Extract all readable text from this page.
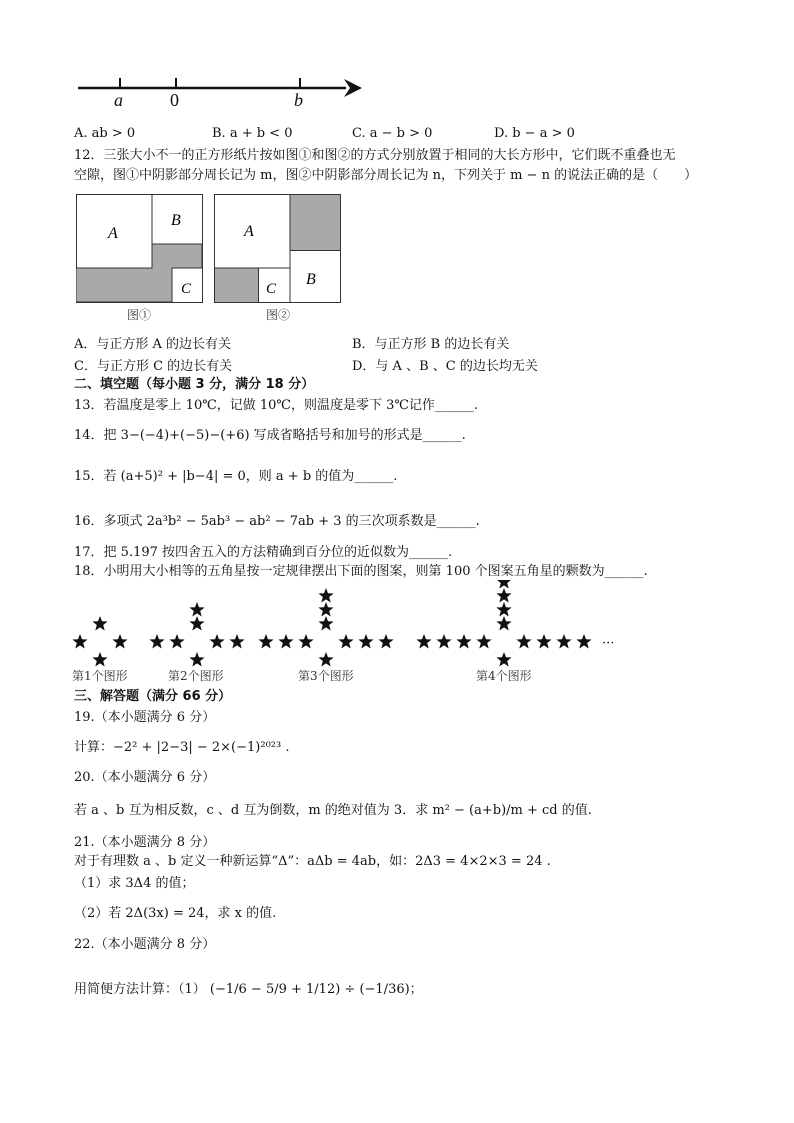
a	0	b
A. ab > 0	B. a + b < 0	C. a − b > 0	D. b − a > 0
12．三张大小不一的正方形纸片按如图①和图②的方式分别放置于相同的大长方形中，它们既不重叠也无
空隙，图①中阴影部分周长记为 m，图②中阴影部分周长记为 n，下列关于 m − n 的说法正确的是（　　）
A
B
C
图①
A
B
C
图②
A．与正方形 A 的边长有关	B．与正方形 B 的边长有关
C．与正方形 C 的边长有关	D．与 A 、B 、C 的边长均无关
二、填空题（每小题 3 分，满分 18 分）
13．若温度是零上 10℃，记做 10℃，则温度是零下 3℃记作______.
14．把 3−(−4)+(−5)−(+6) 写成省略括号和加号的形式是______.
15．若 (a+5)² + |b−4| = 0，则 a + b 的值为______.
16．多项式 2a³b² − 5ab³ − ab² − 7ab + 3 的三次项系数是______.
17．把 5.197 按四舍五入的方法精确到百分位的近似数为______.
18．小明用大小相等的五角星按一定规律摆出下面的图案，则第 100 个图案五角星的颗数为______.
第1个图形	第2个图形	第3个图形	第4个图形
···
三、解答题（满分 66 分）
19.（本小题满分 6 分）
计算：−2² + |2−3| − 2×(−1)²⁰²³ .
20.（本小题满分 6 分）
若 a 、b 互为相反数，c 、d 互为倒数，m 的绝对值为 3．求 m² − (a+b)/m + cd 的值.
21.（本小题满分 8 分）
对于有理数 a 、b 定义一种新运算“Δ”：aΔb = 4ab，如：2Δ3 = 4×2×3 = 24 .
（1）求 3Δ4 的值；
（2）若 2Δ(3x) = 24，求 x 的值.
22.（本小题满分 8 分）
用简便方法计算：（1） (−1/6 − 5/9 + 1/12) ÷ (−1/36)；
